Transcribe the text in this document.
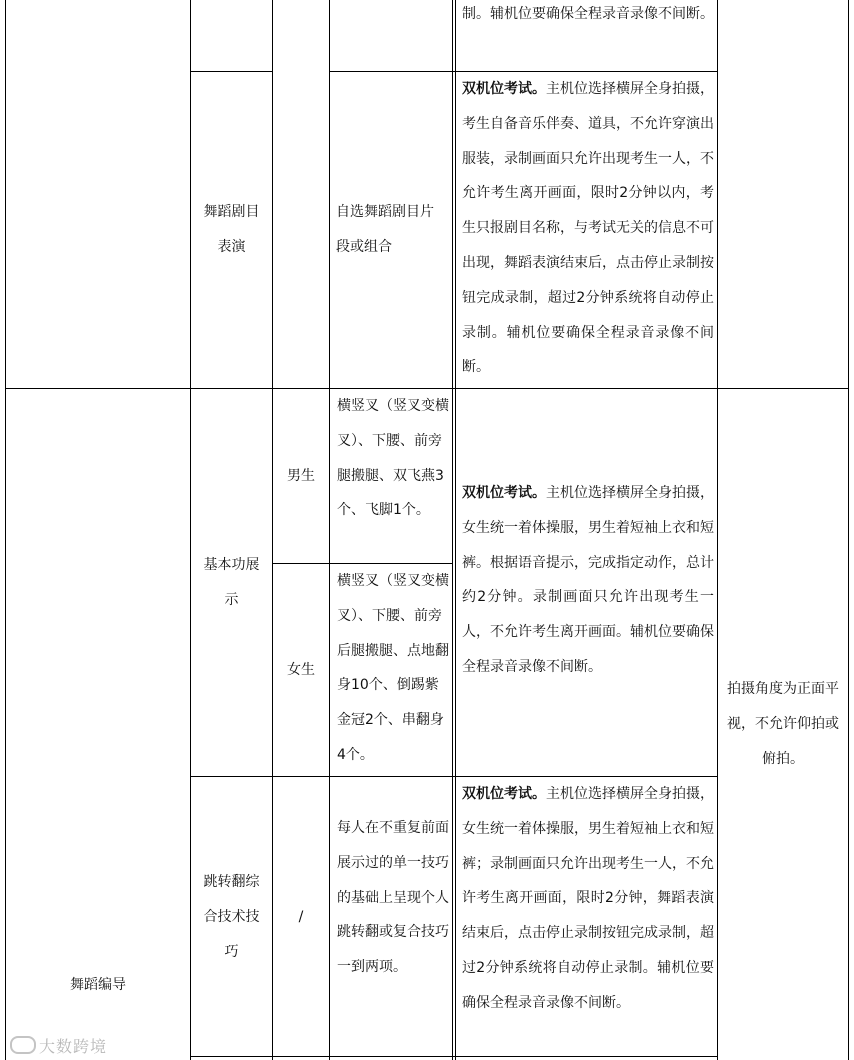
制。辅机位要确保全程录音录像不间断。
舞蹈剧目表演
自选舞蹈剧目片段或组合
双机位考试。主机位选择横屏全身拍摄，考生自备音乐伴奏、道具，不允许穿演出服装，录制画面只允许出现考生一人，不允许考生离开画面，限时2分钟以内，考生只报剧目名称，与考试无关的信息不可出现，舞蹈表演结束后，点击停止录制按钮完成录制，超过2分钟系统将自动停止录制。辅机位要确保全程录音录像不间断。
舞蹈编导
基本功展示
男生
女生
横竖叉（竖叉变横叉）、下腰、前旁腿搬腿、双飞燕3个、飞脚1个。
横竖叉（竖叉变横叉）、下腰、前旁后腿搬腿、点地翻身10个、倒踢紫金冠2个、串翻身4个。
双机位考试。主机位选择横屏全身拍摄，女生统一着体操服，男生着短袖上衣和短裤。根据语音提示，完成指定动作，总计约2分钟。录制画面只允许出现考生一人，不允许考生离开画面。辅机位要确保全程录音录像不间断。
拍摄角度为正面平视，不允许仰拍或俯拍。
跳转翻综合技术技巧
/
每人在不重复前面展示过的单一技巧的基础上呈现个人跳转翻或复合技巧一到两项。
双机位考试。主机位选择横屏全身拍摄，女生统一着体操服，男生着短袖上衣和短裤；录制画面只允许出现考生一人，不允许考生离开画面，限时2分钟，舞蹈表演结束后，点击停止录制按钮完成录制，超过2分钟系统将自动停止录制。辅机位要确保全程录音录像不间断。
大数跨境
